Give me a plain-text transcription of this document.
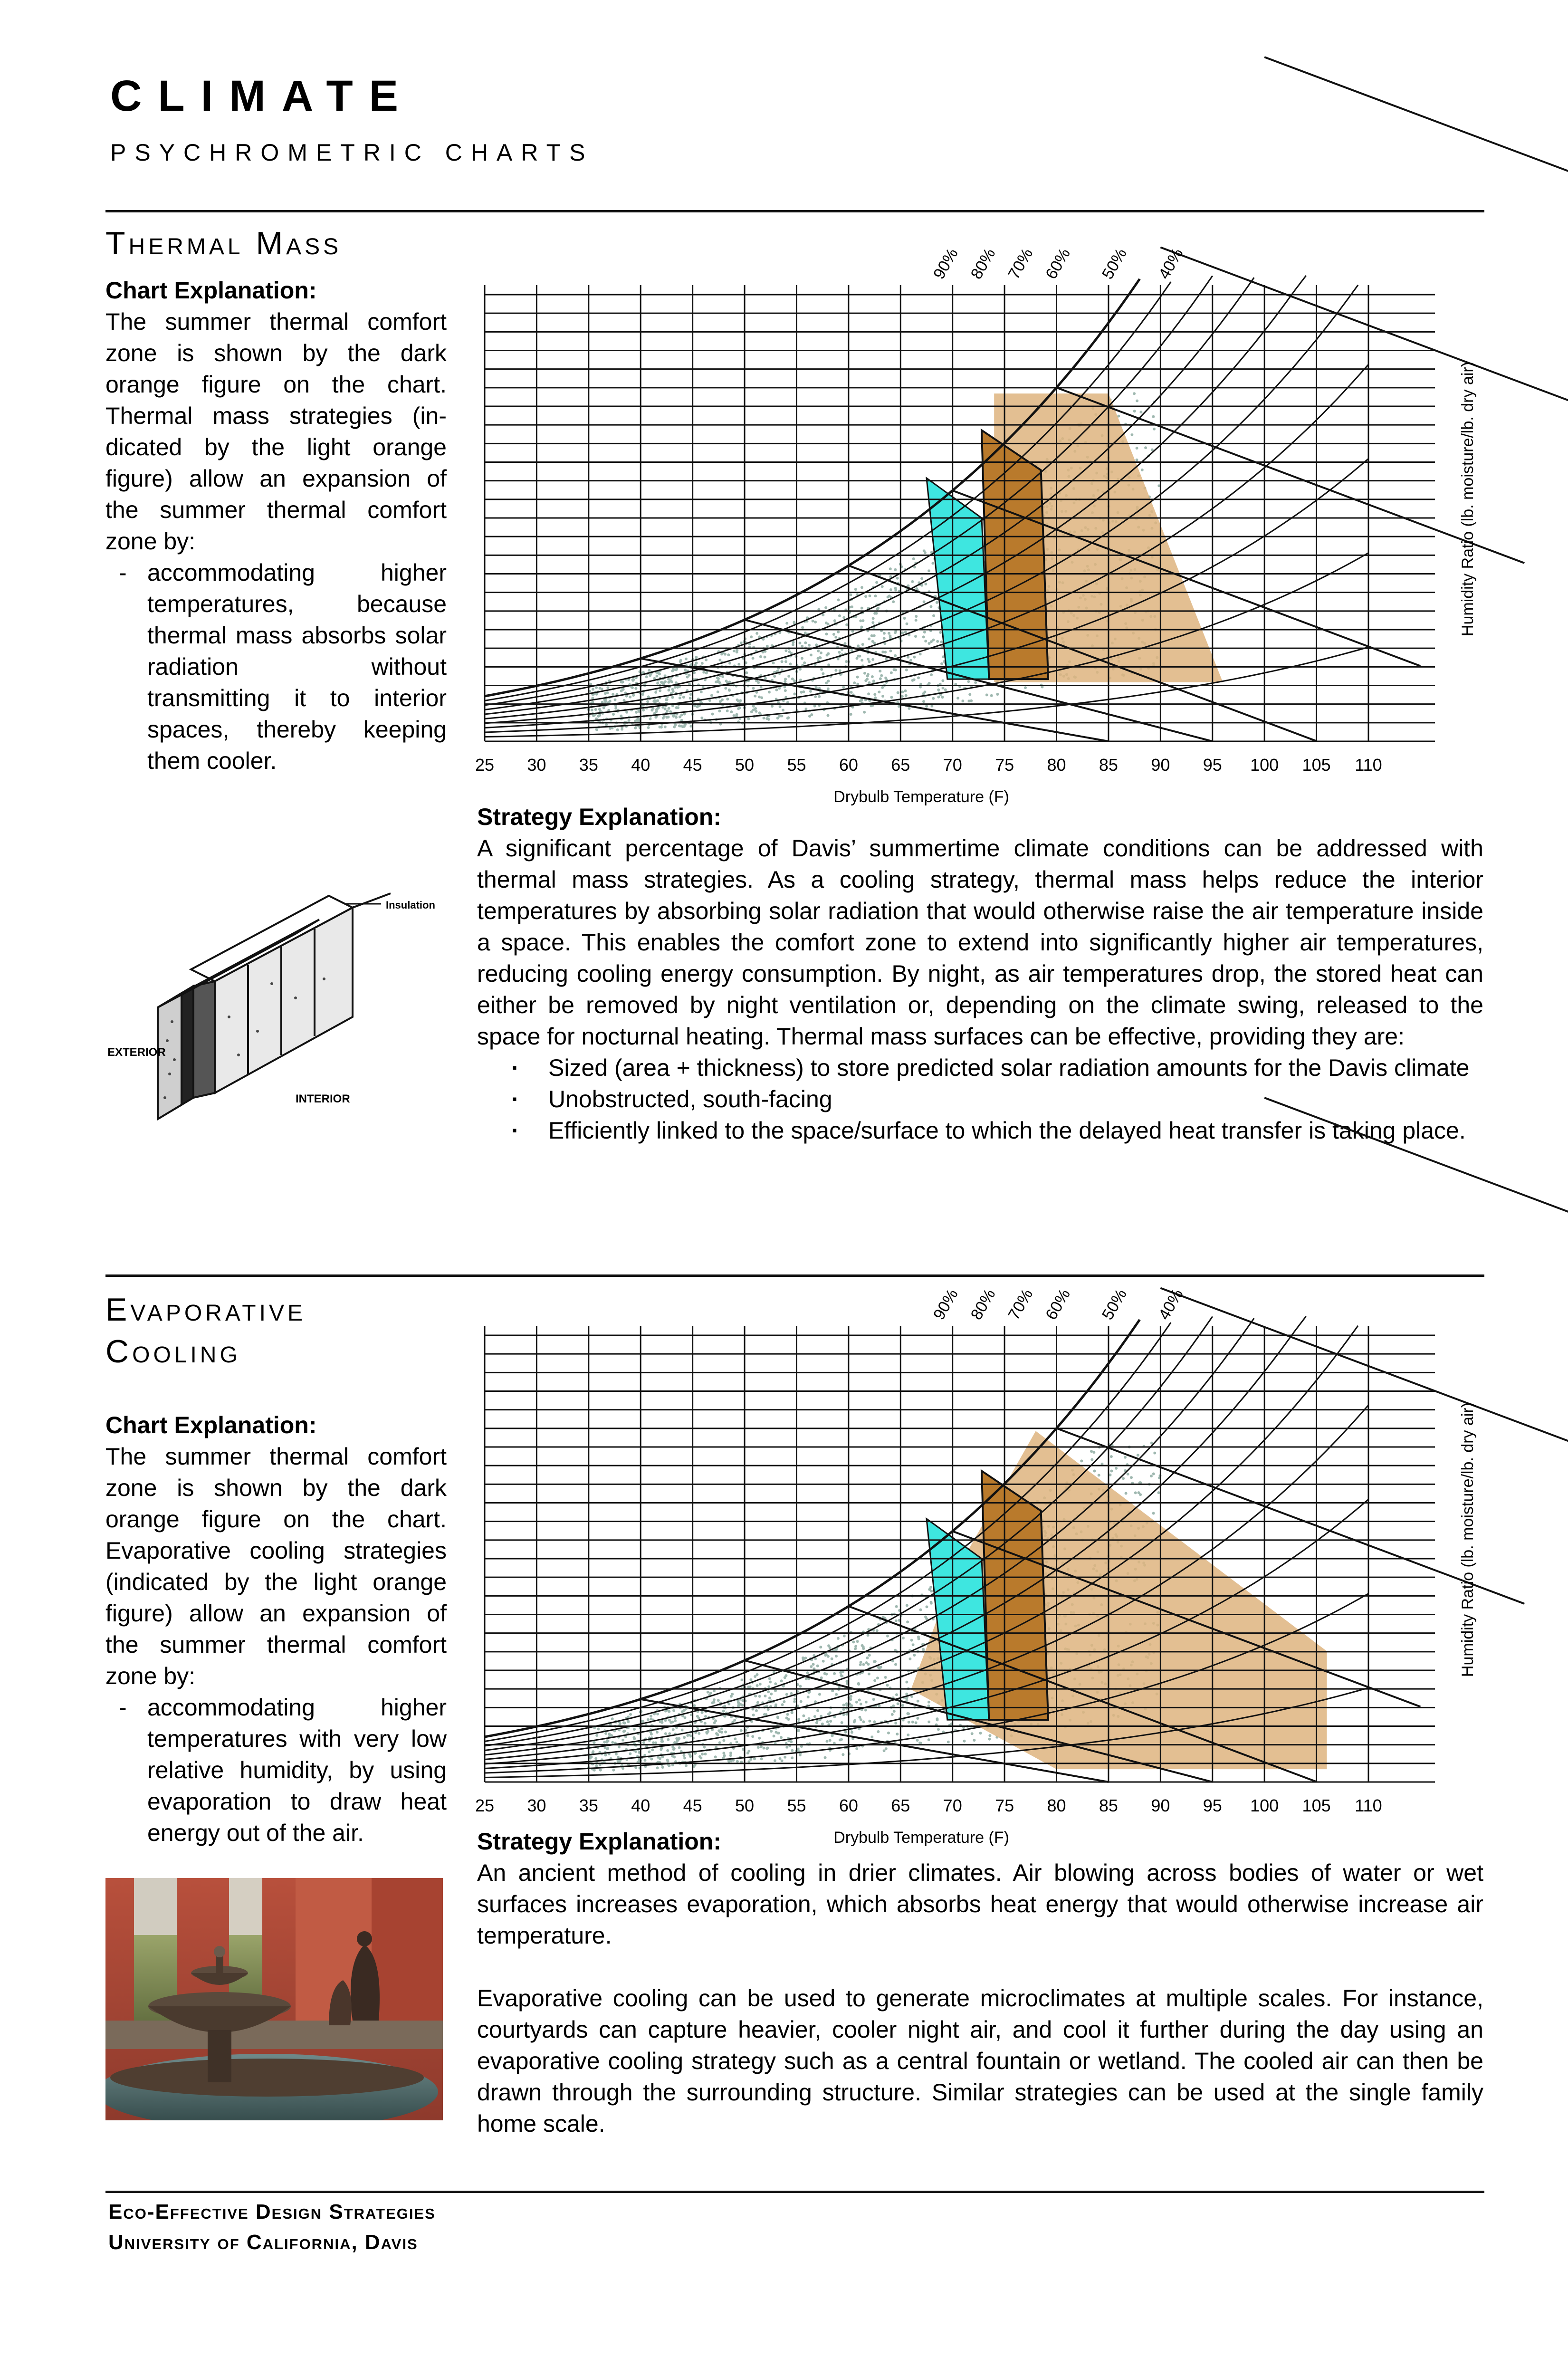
CLIMATE
PSYCHROMETRIC CHARTS
Thermal Mass
Chart Explanation:
The summer thermal comfort zone is shown by the dark orange figure on the chart. Thermal mass strategies (indicated by the light orange figure) allow an expansion of the summer thermal comfort zone by:
- accommodating higher temperatures, because thermal mass absorbs solar radiation without transmitting it to interior spaces, thereby keeping them cooler.
Insulation
EXTERIOR
INTERIOR
25 30 35 40 45 50 55 60 65 70 75 80 85 90 95 100 105 110
90% 80% 70% 60% 50% 40%
Drybulb Temperature (F)
Humidity Ratio (lb. moisture/lb. dry air)
Strategy Explanation:

A significant percentage of Davis’ summertime climate conditions can be addressed with thermal mass strategies. As a cooling strategy, thermal mass helps reduce the interior temperatures by absorbing solar radiation that would otherwise raise the air temperature inside a space. This enables the comfort zone to extend into significantly higher air temperatures, reducing cooling energy consumption. By night, as air temperatures drop, the stored heat can either be removed by night ventilation or, depending on the climate swing, released to the space for nocturnal heating. Thermal mass surfaces can be effective, providing they are:

· Sized (area + thickness) to store predicted solar radiation amounts for the Davis climate
· Unobstructed, south-facing
· Efficiently linked to the space/surface to which the delayed heat transfer is taking place.
Evaporative
Cooling
Chart Explanation:
The summer thermal comfort zone is shown by the dark orange figure on the chart. Evaporative cooling strategies (indicated by the light orange figure) allow an expansion of the summer thermal comfort zone by:
- accommodating higher temperatures with very low relative humidity, by using evaporation to draw heat energy out of the air.
25 30 35 40 45 50 55 60 65 70 75 80 85 90 95 100 105 110
90% 80% 70% 60% 50% 40%
Drybulb Temperature (F)
Humidity Ratio (lb. moisture/lb. dry air)
Strategy Explanation:

An ancient method of cooling in drier climates. Air blowing across bodies of water or wet surfaces increases evaporation, which absorbs heat energy that would otherwise increase air temperature.

Evaporative cooling can be used to generate microclimates at multiple scales. For instance, courtyards can capture heavier, cooler night air, and cool it further during the day using an evaporative cooling strategy such as a central fountain or wetland. The cooled air can then be drawn through the surrounding structure. Similar strategies can be used at the single family home scale.

Eco-Effective Design Strategies
University of California, Davis
